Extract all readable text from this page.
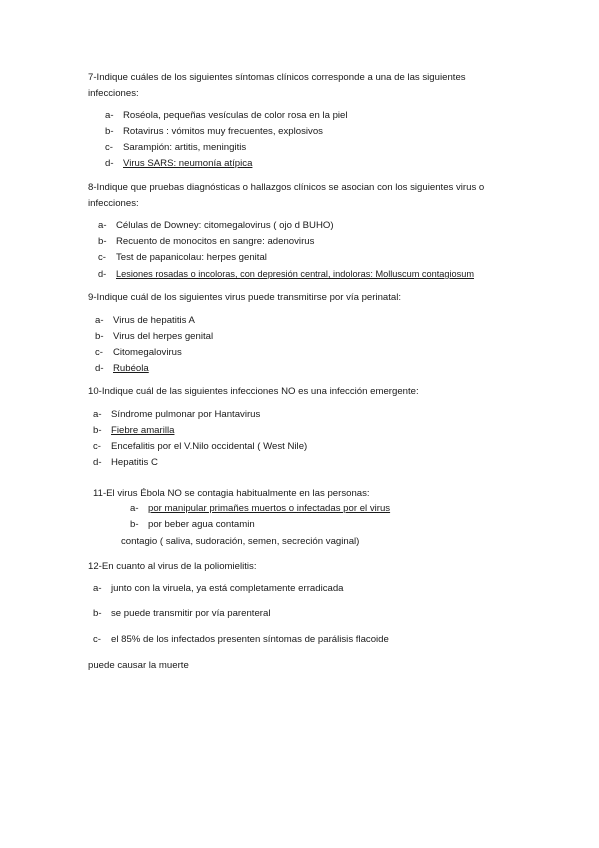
7-Indique cuáles de los siguientes síntomas clínicos corresponde a una de las siguientes
infecciones:
a- Roséola, pequeñas vesículas de color rosa en la piel
b- Rotavirus : vómitos muy frecuentes, explosivos
c- Sarampión: artitis, meningitis
d- Virus SARS: neumonía atípica
8-Indique que pruebas diagnósticas o hallazgos clínicos se asocian con los siguientes virus o
infecciones:
a- Células de Downey: citomegalovirus ( ojo d BUHO)
b- Recuento de monocitos en sangre: adenovirus
c- Test de papanicolau: herpes genital
d- Lesiones rosadas o incoloras, con depresión central, indoloras: Molluscum contagiosum
9-Indique cuál de los siguientes virus puede transmitirse por vía perinatal:
a- Virus de hepatitis A
b- Virus del herpes genital
c- Citomegalovirus
d- Rubéola
10-Indique cuál de las siguientes infecciones NO es una infección emergente:
a- Síndrome pulmonar por Hantavirus
b- Fiebre amarilla
c- Encefalitis por el V.Nilo occidental ( West Nile)
d- Hepatitis C
11-El virus Ébola NO se contagia habitualmente en las personas:
a- por manipular primañes muertos o infectadas por el virus
b- por beber agua contamin
contagio ( saliva, sudoración, semen, secreción vaginal)
12-En cuanto al virus de la poliomielitis:
a- junto con la viruela, ya está completamente erradicada
b- se puede transmitir por vía parenteral
c- el 85% de los infectados presenten síntomas de parálisis flacoide
puede causar la muerte
